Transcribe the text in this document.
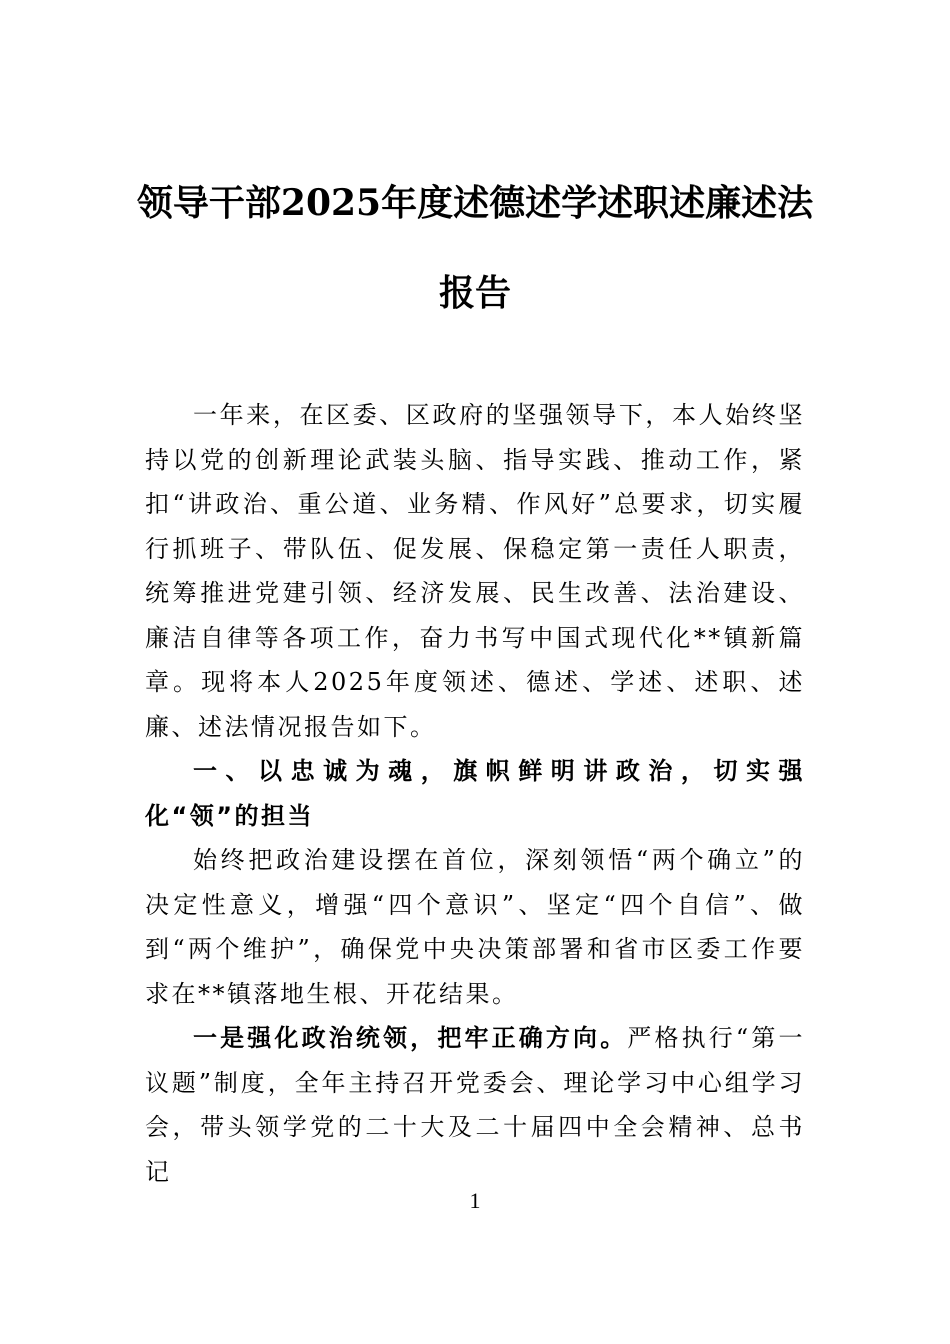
领导干部2025年度述德述学述职述廉述法
报告

一年来，在区委、区政府的坚强领导下，本人始终坚持以党的创新理论武装头脑、指导实践、推动工作，紧扣“讲政治、重公道、业务精、作风好”总要求，切实履行抓班子、带队伍、促发展、保稳定第一责任人职责，统筹推进党建引领、经济发展、民生改善、法治建设、廉洁自律等各项工作，奋力书写中国式现代化**镇新篇章。现将本人2025年度领述、德述、学述、述职、述廉、述法情况报告如下。

一、以忠诚为魂，旗帜鲜明讲政治，切实强化“领”的担当

始终把政治建设摆在首位，深刻领悟“两个确立”的决定性意义，增强“四个意识”、坚定“四个自信”、做到“两个维护”，确保党中央决策部署和省市区委工作要求在**镇落地生根、开花结果。

一是强化政治统领，把牢正确方向。严格执行“第一议题”制度，全年主持召开党委会、理论学习中心组学习会，带头领学党的二十大及二十届四中全会精神、总书记

1
